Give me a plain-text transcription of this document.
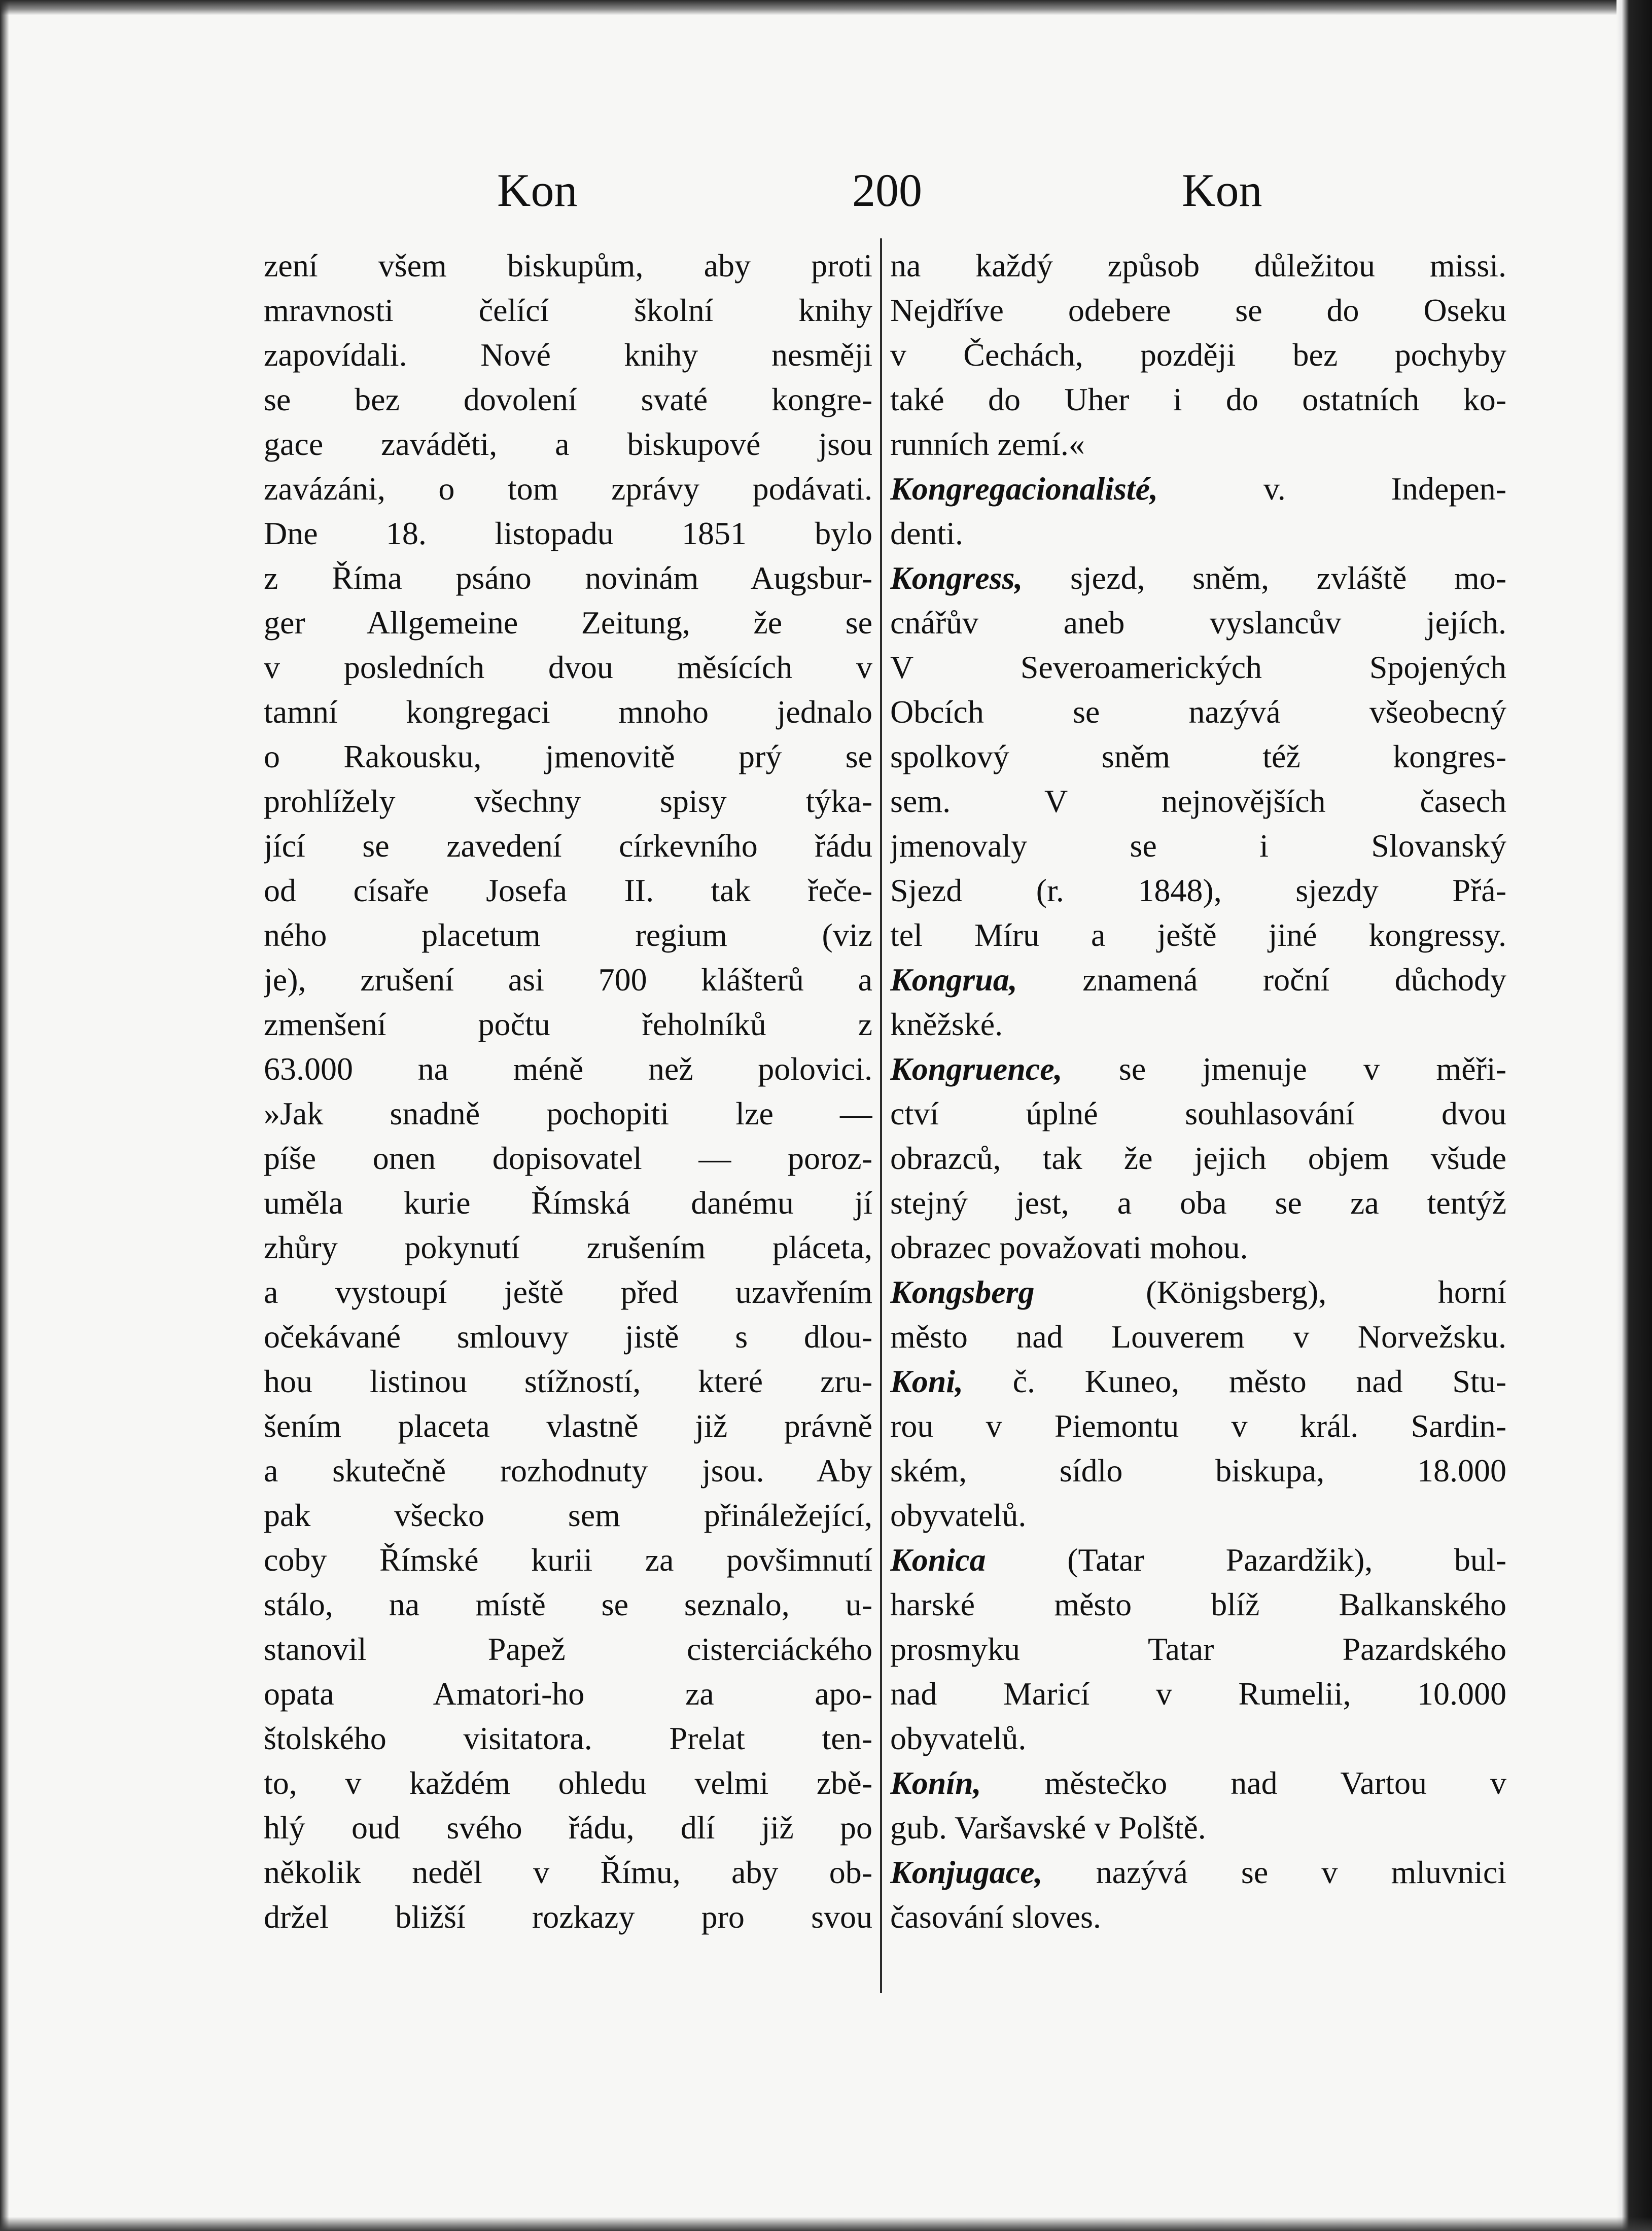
Kon	200	Kon
zení všem biskupům, aby proti
mravnosti čelící školní knihy
zapovídali. Nové knihy nesměji
se bez dovolení svaté kongre-
gace zaváděti, a biskupové jsou
zavázáni, o tom zprávy podávati.
Dne 18. listopadu 1851 bylo
z Říma psáno novinám Augsbur-
ger Allgemeine Zeitung, že se
v posledních dvou měsících v
tamní kongregaci mnoho jednalo
o Rakousku, jmenovitě prý se
prohlížely všechny spisy týka-
jící se zavedení církevního řádu
od císaře Josefa II. tak řeče-
ného placetum regium (viz
je), zrušení asi 700 klášterů a
zmenšení počtu řeholníků z
63.000 na méně než polovici.
»Jak snadně pochopiti lze —
píše onen dopisovatel — poroz-
uměla kurie Římská danému jí
zhůry pokynutí zrušením pláceta,
a vystoupí ještě před uzavřením
očekávané smlouvy jistě s dlou-
hou listinou stížností, které zru-
šením placeta vlastně již právně
a skutečně rozhodnuty jsou. Aby
pak všecko sem přináležející,
coby Římské kurii za povšimnutí
stálo, na místě se seznalo, u-
stanovil Papež cisterciáckého
opata Amatori-ho za apo-
štolského visitatora. Prelat ten-
to, v každém ohledu velmi zbě-
hlý oud svého řádu, dlí již po
několik neděl v Římu, aby ob-
držel bližší rozkazy pro svou
na každý způsob důležitou missi.
Nejdříve odebere se do Oseku
v Čechách, později bez pochyby
také do Uher i do ostatních ko-
runních zemí.«
Kongregacionalisté, v. Indepen-
denti.
Kongress, sjezd, sněm, zvláště mo-
cnářův aneb vyslancův jejích.
V Severoamerických Spojených
Obcích se nazývá všeobecný
spolkový sněm též kongres-
sem. V nejnovějších časech
jmenovaly se i Slovanský
Sjezd (r. 1848), sjezdy Přá-
tel Míru a ještě jiné kongressy.
Kongrua, znamená roční důchody
kněžské.
Kongruence, se jmenuje v měři-
ctví úplné souhlasování dvou
obrazců, tak že jejich objem všude
stejný jest, a oba se za tentýž
obrazec považovati mohou.
Kongsberg (Königsberg), horní
město nad Louverem v Norvežsku.
Koni, č. Kuneo, město nad Stu-
rou v Piemontu v král. Sardin-
ském, sídlo biskupa, 18.000
obyvatelů.
Konica (Tatar Pazardžik), bul-
harské město blíž Balkanského
prosmyku Tatar Pazardského
nad Maricí v Rumelii, 10.000
obyvatelů.
Konín, městečko nad Vartou v
gub. Varšavské v Polště.
Konjugace, nazývá se v mluvnici
časování sloves.
